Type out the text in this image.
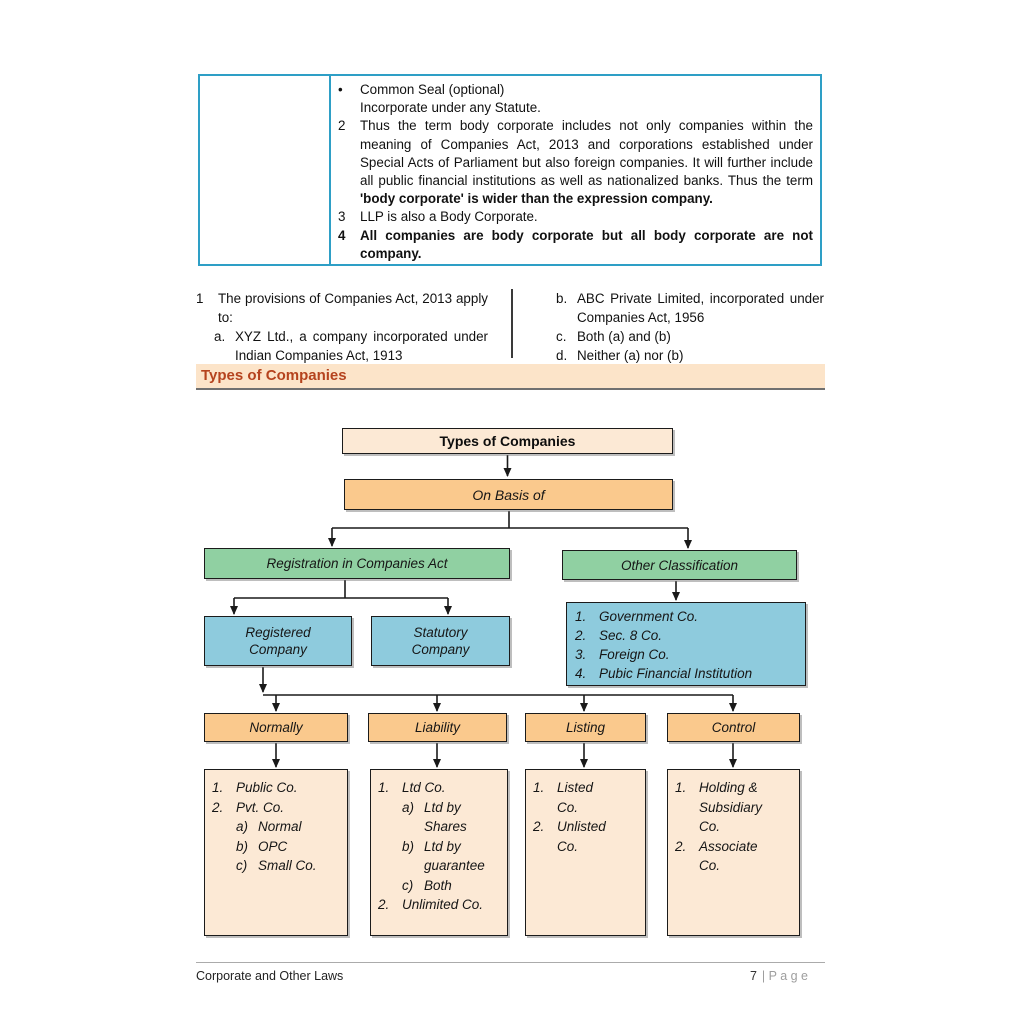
•	Common Seal (optional)
Incorporate under any Statute.
2	Thus the term body corporate includes not only companies within the meaning of Companies Act, 2013 and corporations established under Special Acts of Parliament but also foreign companies. It will further include all public financial institutions as well as nationalized banks. Thus the term 'body corporate' is wider than the expression company.
3	LLP is also a Body Corporate.
4	All companies are body corporate but all body corporate are not company.
1	The provisions of Companies Act, 2013 apply to:
a. XYZ Ltd., a company incorporated under Indian Companies Act, 1913
b. ABC Private Limited, incorporated under Companies Act, 1956
c. Both (a) and (b)
d. Neither (a) nor (b)
Types of Companies
Types of Companies
On Basis of
Registration in Companies Act	Other Classification
Registered Company
Statutory Company
1. Government Co.
2. Sec. 8 Co.
3. Foreign Co.
4. Pubic Financial Institution
Normally	Liability	Listing	Control
1. Public Co.
2. Pvt. Co.
a) Normal
b) OPC
c) Small Co.
1. Ltd Co.
a) Ltd by Shares
b) Ltd by guarantee
c) Both
2. Unlimited Co.
1. Listed Co.
2. Unlisted Co.
1. Holding & Subsidiary Co.
2. Associate Co.
Corporate and Other Laws	7 | P a g e
